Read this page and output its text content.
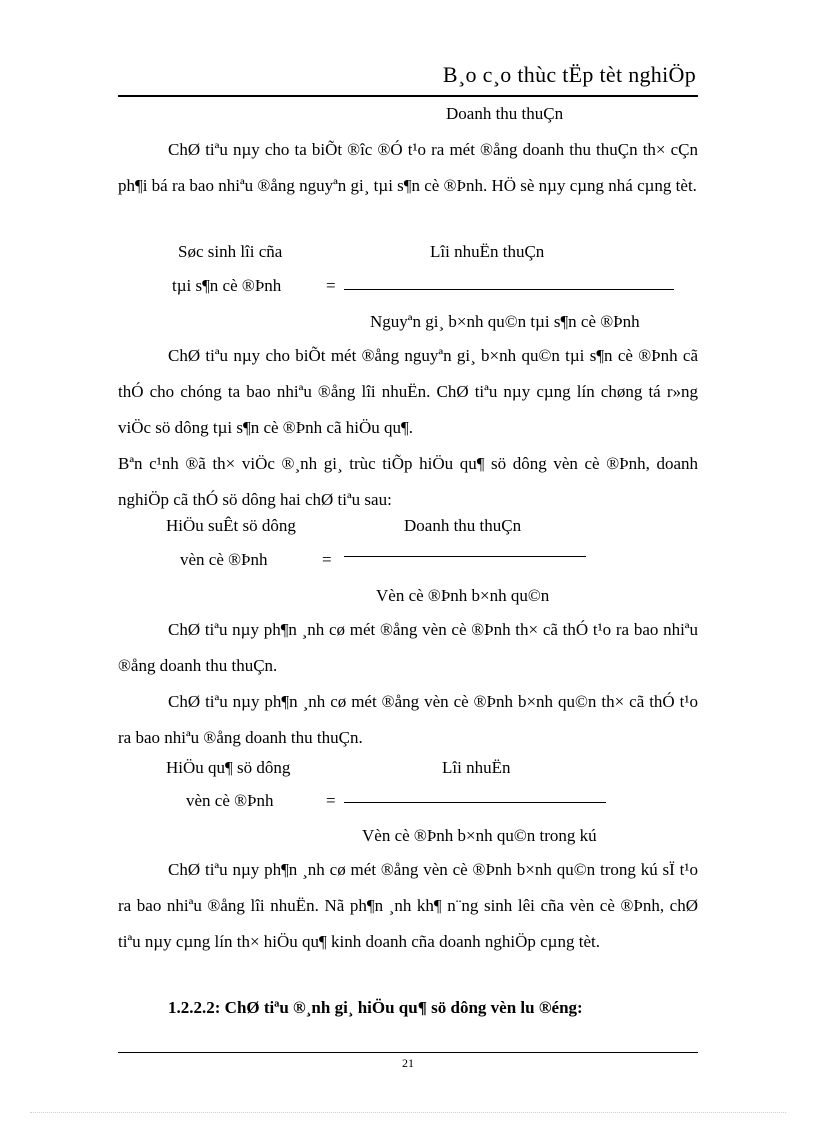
B¸o c¸o thùc tËp tèt nghiÖp
Doanh thu thuÇn
ChØ tiªu nµy cho ta biÕt ®îc ®Ó t¹o ra mét ®ång doanh thu thuÇn th× cÇn ph¶i bá ra bao nhiªu ®ång nguyªn gi¸ tµi s¶n cè ®Þnh. HÖ sè nµy cµng nhá cµng tèt.
Søc sinh lîi cña
tµi s¶n cè ®Þnh	=
Lîi nhuËn thuÇn
Nguyªn gi¸ b×nh qu©n tµi s¶n cè ®Þnh
ChØ tiªu nµy cho biÕt mét ®ång nguyªn gi¸ b×nh qu©n tµi s¶n cè ®Þnh cã thÓ cho chóng ta bao nhiªu ®ång lîi nhuËn. ChØ tiªu nµy cµng lín chøng tá r»ng viÖc sö dông tµi s¶n cè ®Þnh cã hiÖu qu¶.
Bªn c¹nh ®ã th× viÖc ®¸nh gi¸ trùc tiÕp hiÖu qu¶ sö dông vèn cè ®Þnh, doanh nghiÖp cã thÓ sö dông hai chØ tiªu sau:
HiÖu suÊt sö dông
vèn cè ®Þnh	=
Doanh thu thuÇn
Vèn cè ®Þnh b×nh qu©n
ChØ tiªu nµy ph¶n ¸nh cø mét ®ång vèn cè ®Þnh th× cã thÓ t¹o ra bao nhiªu ®ång doanh thu thuÇn.
ChØ tiªu nµy ph¶n ¸nh cø mét ®ång vèn cè ®Þnh b×nh qu©n th× cã thÓ t¹o ra bao nhiªu ®ång doanh thu thuÇn.
HiÖu qu¶ sö dông
vèn cè ®Þnh	=
Lîi nhuËn
Vèn cè ®Þnh b×nh qu©n trong kú
ChØ tiªu nµy ph¶n ¸nh cø mét ®ång vèn cè ®Þnh b×nh qu©n trong kú sÏ t¹o ra bao nhiªu ®ång lîi nhuËn. Nã ph¶n ¸nh kh¶ n¨ng sinh lêi cña vèn cè ®Þnh, chØ tiªu nµy cµng lín th× hiÖu qu¶ kinh doanh cña doanh nghiÖp cµng tèt.
1.2.2.2: ChØ tiªu ®¸nh gi¸ hiÖu qu¶ sö dông vèn lu ®éng:
21
